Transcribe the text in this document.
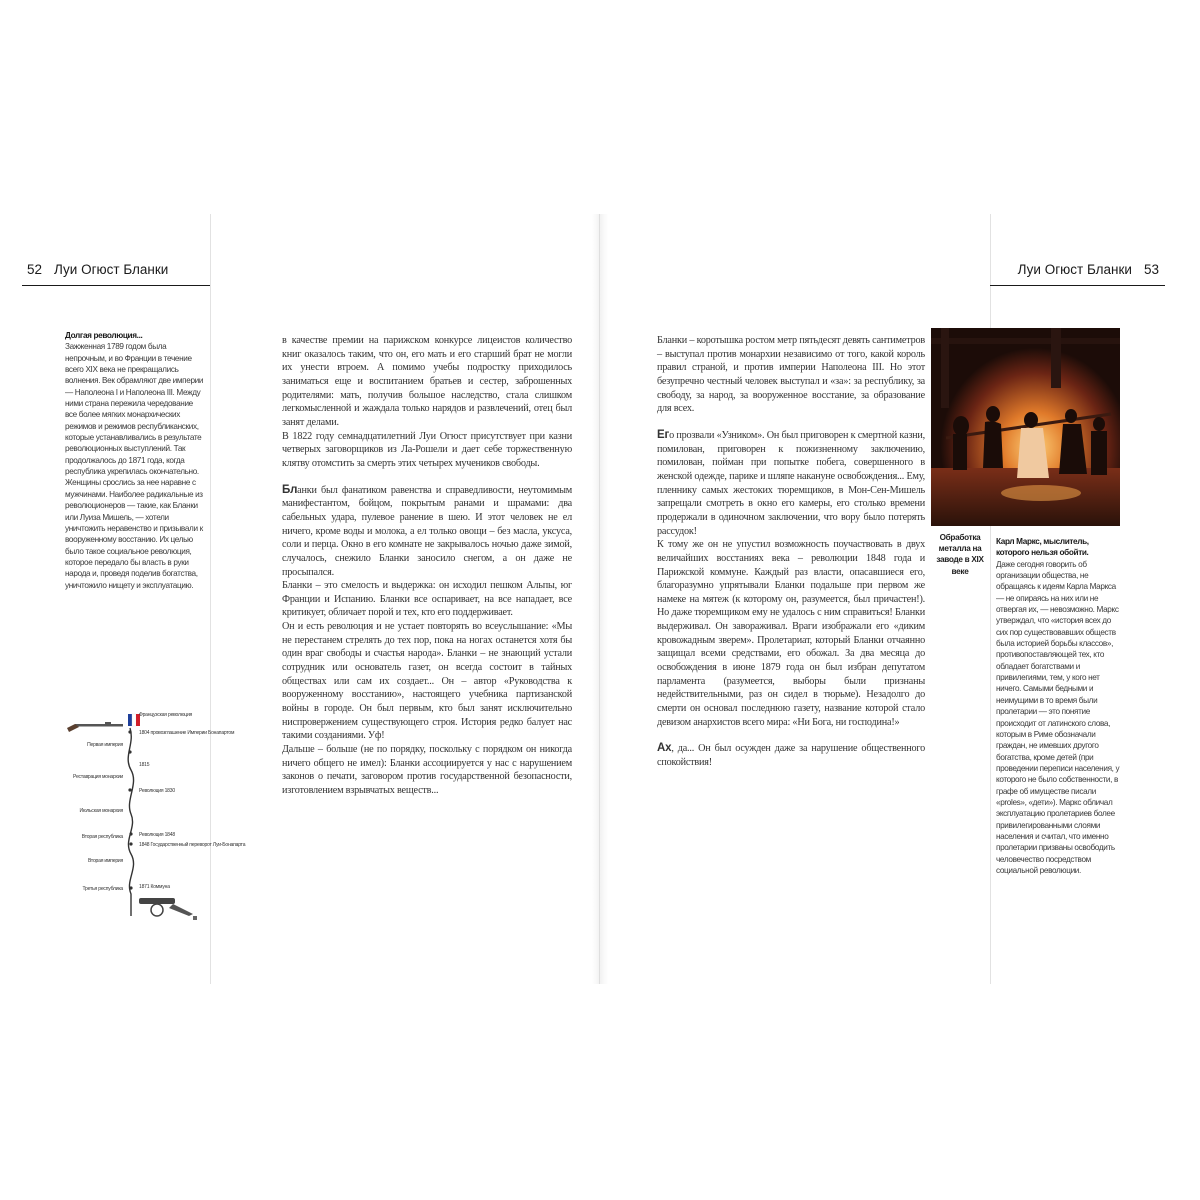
52 Луи Огюст Бланки	Луи Огюст Бланки 53
Долгая революция...
Зажженная 1789 годом была непрочным, и во Франции в течение всего XIX века не прекращались волнения. Век обрамляют две империи — Наполеона I и Наполеона III. Между ними страна пережила чередование все более мягких монархических режимов и режимов республиканских, которые устанавливались в результате революционных выступлений. Так продолжалось до 1871 года, когда республика укрепилась окончательно. Женщины срослись за нее наравне с мужчинами. Наиболее радикальные из революционеров — такие, как Бланки или Луиза Мишель, — хотели уничтожить неравенство и призывали к вооруженному восстанию. Их целью было такое социальное революция, которое передало бы власть в руки народа и, проведя поделив богатства, уничтожило нищету и эксплуатацию.
Французская революция
1804 провозглашение Империи Бонапартом
1815
Революция 1830
Революция 1848
1848 Государственный переворот Луи-Бонапарта
1871 Коммуна
Первая империя
Реставрация монархии
Июльская монархия
Вторая республика
Вторая империя
Третья республика

в качестве премии на парижском конкурсе лицеистов количество книг оказалось таким, что он, его мать и его старший брат не могли их унести втроем. А помимо учебы подростку приходилось заниматься еще и воспитанием братьев и сестер, заброшенных родителями: мать, получив большое наследство, стала слишком легкомысленной и жаждала только нарядов и развлечений, отец был занят делами.

В 1822 году семнадцатилетний Луи Огюст присутствует при казни четверых заговорщиков из Ла-Рошели и дает себе торжественную клятву отомстить за смерть этих четырех мучеников свободы.

Бланки был фанатиком равенства и справедливости, неутомимым манифестантом, бойцом, покрытым ранами и шрамами: два сабельных удара, пулевое ранение в шею. И этот человек не ел ничего, кроме воды и молока, а ел только овощи – без масла, уксуса, соли и перца. Окно в его комнате не закрывалось ночью даже зимой, случалось, снежило Бланки заносило снегом, а он даже не просыпался.

Бланки – это смелость и выдержка: он исходил пешком Альпы, юг Франции и Испанию. Бланки все оспаривает, на все нападает, все критикует, обличает порой и тех, кто его поддерживает.

Он и есть революция и не устает повторять во всеуслышание: «Мы не перестанем стрелять до тех пор, пока на ногах останется хотя бы один враг свободы и счастья народа». Бланки – не знающий устали сотрудник или основатель газет, он всегда состоит в тайных обществах или сам их создает... Он – автор «Руководства к вооруженному восстанию», настоящего учебника партизанской войны в городе. Он был первым, кто был занят исключительно ниспровержением существующего строя. История редко балует нас такими созданиями. Уф!

Дальше – больше (не по порядку, поскольку с порядком он никогда ничего общего не имел): Бланки ассоциируется у нас с нарушением законов о печати, заговором против государственной безопасности, изготовлением взрывчатых веществ...

Бланки – коротышка ростом метр пятьдесят девять сантиметров – выступал против монархии независимо от того, какой король правил страной, и против империи Наполеона III. Но этот безупречно честный человек выступал и «за»: за республику, за свободу, за народ, за вооруженное восстание, за образование для всех.

Его прозвали «Узником». Он был приговорен к смертной казни, помилован, приговорен к пожизненному заключению, помилован, пойман при попытке побега, совершенного в женской одежде, парике и шляпе накануне освобождения... Ему, пленнику самых жестоких тюремщиков, в Мон-Сен-Мишель запрещали смотреть в окно его камеры, его столько времени продержали в одиночном заключении, что вору было потерять рассудок!

К тому же он не упустил возможность поучаствовать в двух величайших восстаниях века – революции 1848 года и Парижской коммуне. Каждый раз власти, опасавшиеся его, благоразумно упрятывали Бланки подальше при первом же намеке на мятеж (к которому он, разумеется, был причастен!). Но даже тюремщиком ему не удалось с ним справиться! Бланки выдерживал. Он завораживал. Враги изображали его «диким кровожадным зверем». Пролетариат, который Бланки отчаянно защищал всеми средствами, его обожал. За два месяца до освобождения в июне 1879 года он был избран депутатом парламента (разумеется, выборы были признаны недействительными, раз он сидел в тюрьме). Незадолго до смерти он основал последнюю газету, название которой стало девизом анархистов всего мира: «Ни Бога, ни господина!»

Ах, да... Он был осужден даже за нарушение общественного спокойствия!

Обработка металла на заводе в XIX веке
Карл Маркс, мыслитель, которого нельзя обойти.
Даже сегодня говорить об организации общества, не обращаясь к идеям Карла Маркса — не опираясь на них или не отвергая их, — невозможно. Маркс утверждал, что «история всех до сих пор существовавших обществ была историей борьбы классов», противопоставляющей тех, кто обладает богатствами и привилегиями, тем, у кого нет ничего. Самыми бедными и неимущими в то время были пролетарии — это понятие происходит от латинского слова, которым в Риме обозначали граждан, не имевших другого богатства, кроме детей (при проведении переписи населения, у которого не было собственности, в графе об имуществе писали «proles», «дети»). Маркс обличал эксплуатацию пролетариев более привилегированными слоями населения и считал, что именно пролетарии призваны освободить человечество посредством социальной революции.
